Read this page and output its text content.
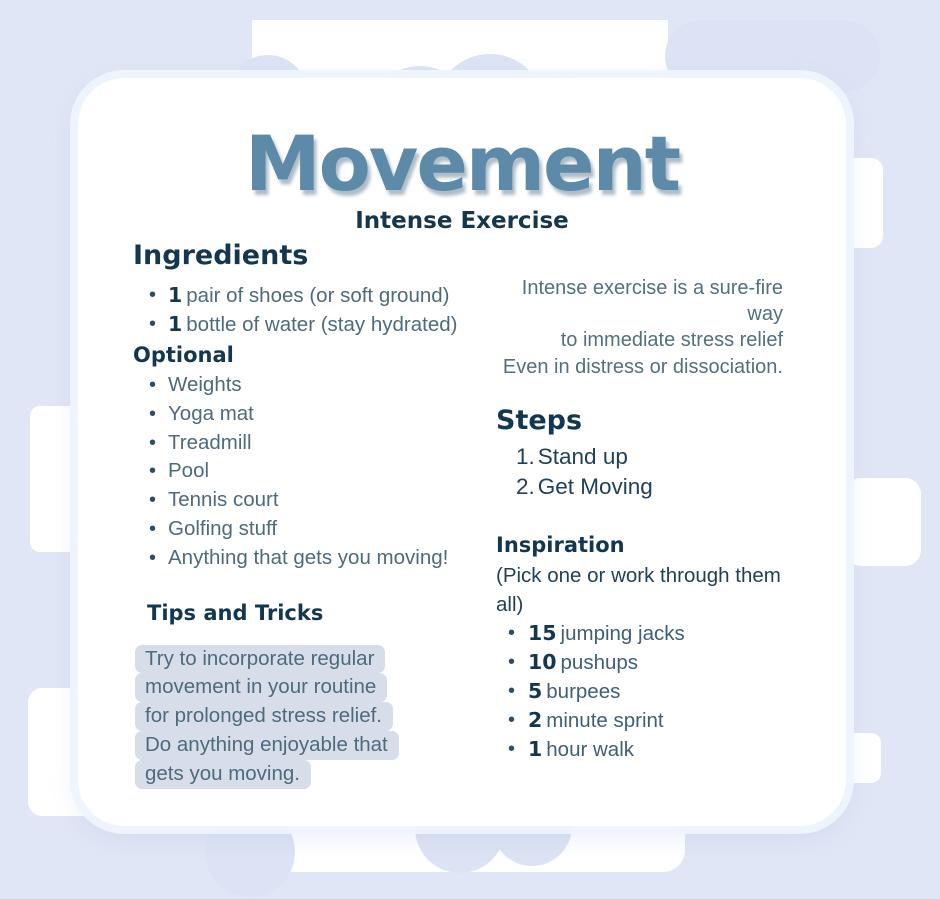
Movement
Intense Exercise
Ingredients
• 1 pair of shoes (or soft ground)
• 1 bottle of water (stay hydrated)
Optional
• Weights
• Yoga mat
• Treadmill
• Pool
• Tennis court
• Golfing stuff
• Anything that gets you moving!
Tips and Tricks
Try to incorporate regular
movement in your routine
for prolonged stress relief.
Do anything enjoyable that
gets you moving.
Intense exercise is a sure-fire way
to immediate stress relief
Even in distress or dissociation.
Steps
1. Stand up
2. Get Moving
Inspiration
(Pick one or work through them all)
• 15 jumping jacks
• 10 pushups
• 5 burpees
• 2 minute sprint
• 1 hour walk
